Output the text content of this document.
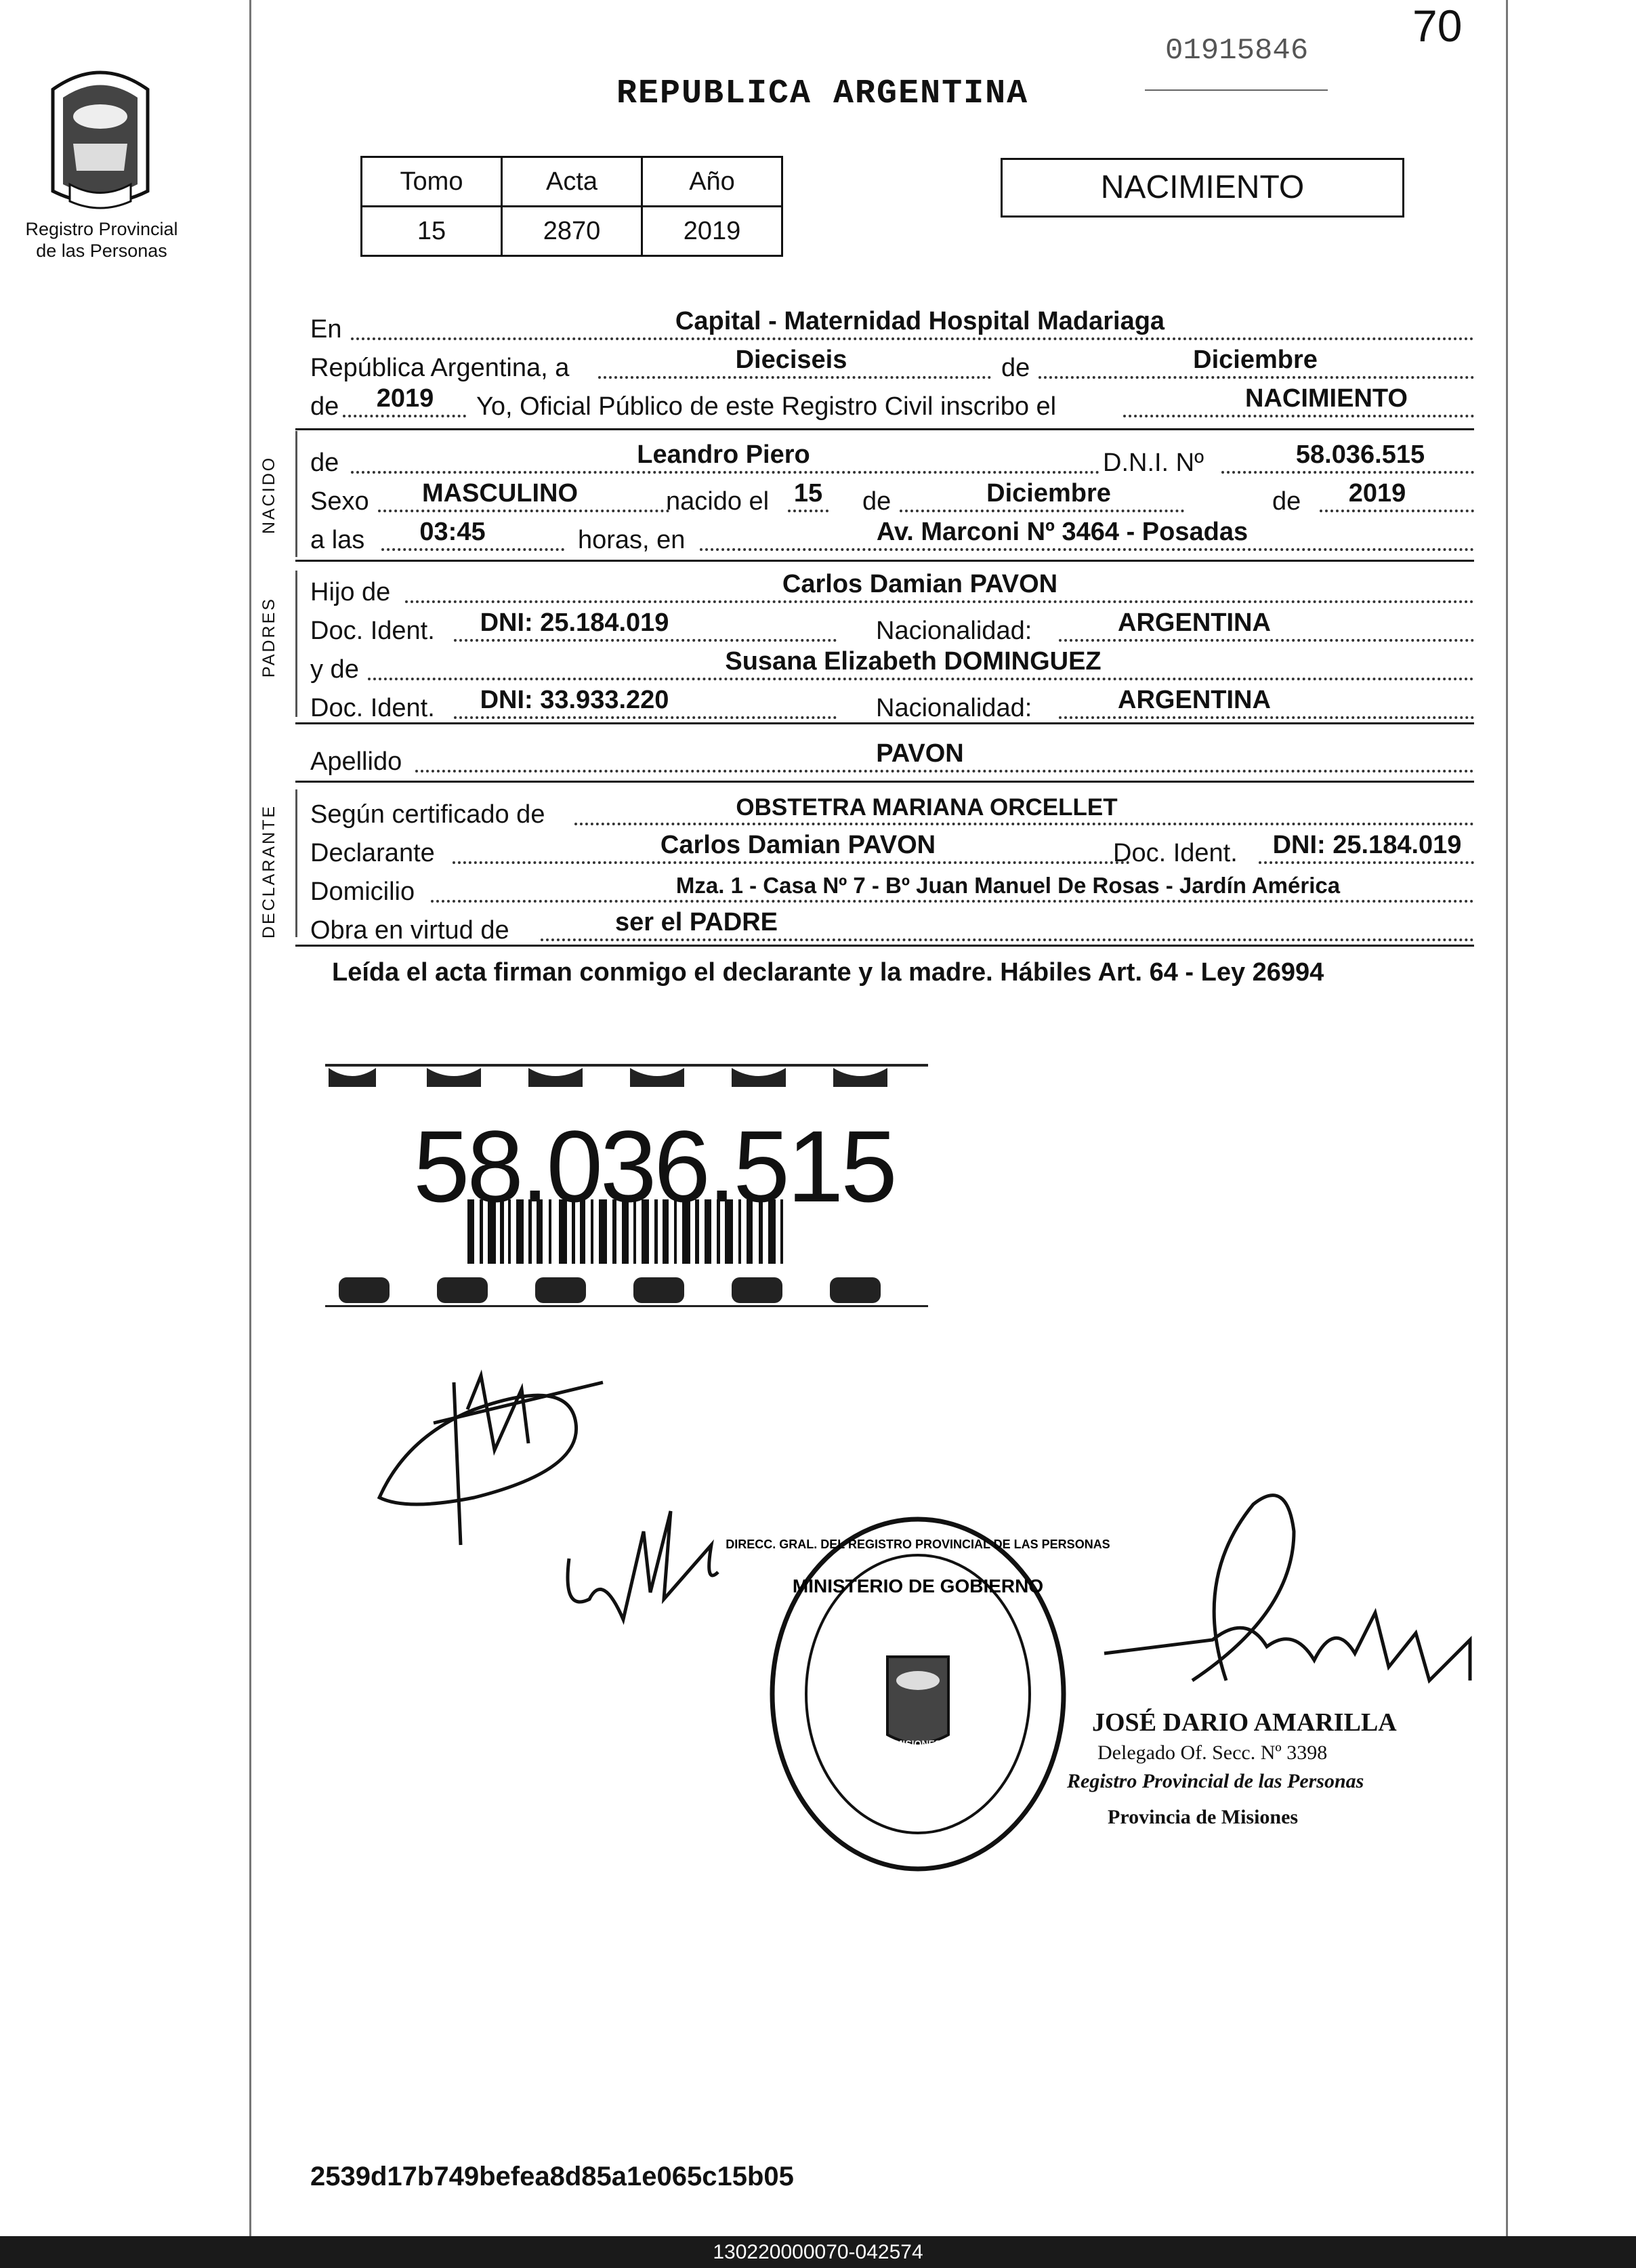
70
01915846
REPUBLICA ARGENTINA
Registro Provincial
de las Personas
Tomo	Acta	Año
15	2870	2019
NACIMIENTO
En	Capital - Maternidad Hospital Madariaga
República Argentina, a	Dieciseis	de	Diciembre
de	2019	Yo, Oficial Público de este Registro Civil inscribo el	NACIMIENTO
NACIDO de	Leandro Piero	D.N.I. Nº	58.036.515
Sexo	MASCULINO	nacido el 15 de	Diciembre	de	2019
a las	03:45	horas, en	Av. Marconi Nº 3464 - Posadas
PADRES
Hijo de	Carlos Damian PAVON
Doc. Ident.	DNI: 25.184.019	Nacionalidad:	ARGENTINA
y de	Susana Elizabeth DOMINGUEZ
Doc. Ident.	DNI: 33.933.220	Nacionalidad:	ARGENTINA
Apellido	PAVON
DECLARANTE Según certificado de	OBSTETRA MARIANA ORCELLET
Declarante	Carlos Damian PAVON	Doc. Ident.	DNI: 25.184.019
Domicilio	Mza. 1 - Casa Nº 7 - Bº Juan Manuel De Rosas - Jardín América
Obra en virtud de	ser el PADRE
Leída el acta firman conmigo el declarante y la madre. Hábiles Art. 64 - Ley 26994
58.036.515
DIRECC. GRAL. DEL REGISTRO PROVINCIAL DE LAS PERSONAS
MINISTERIO DE GOBIERNO
MISIONES
JOSÉ DARIO AMARILLA
Delegado Of. Secc. Nº 3398
Registro Provincial de las Personas
Provincia de Misiones
2539d17b749befea8d85a1e065c15b05
130220000070-042574
